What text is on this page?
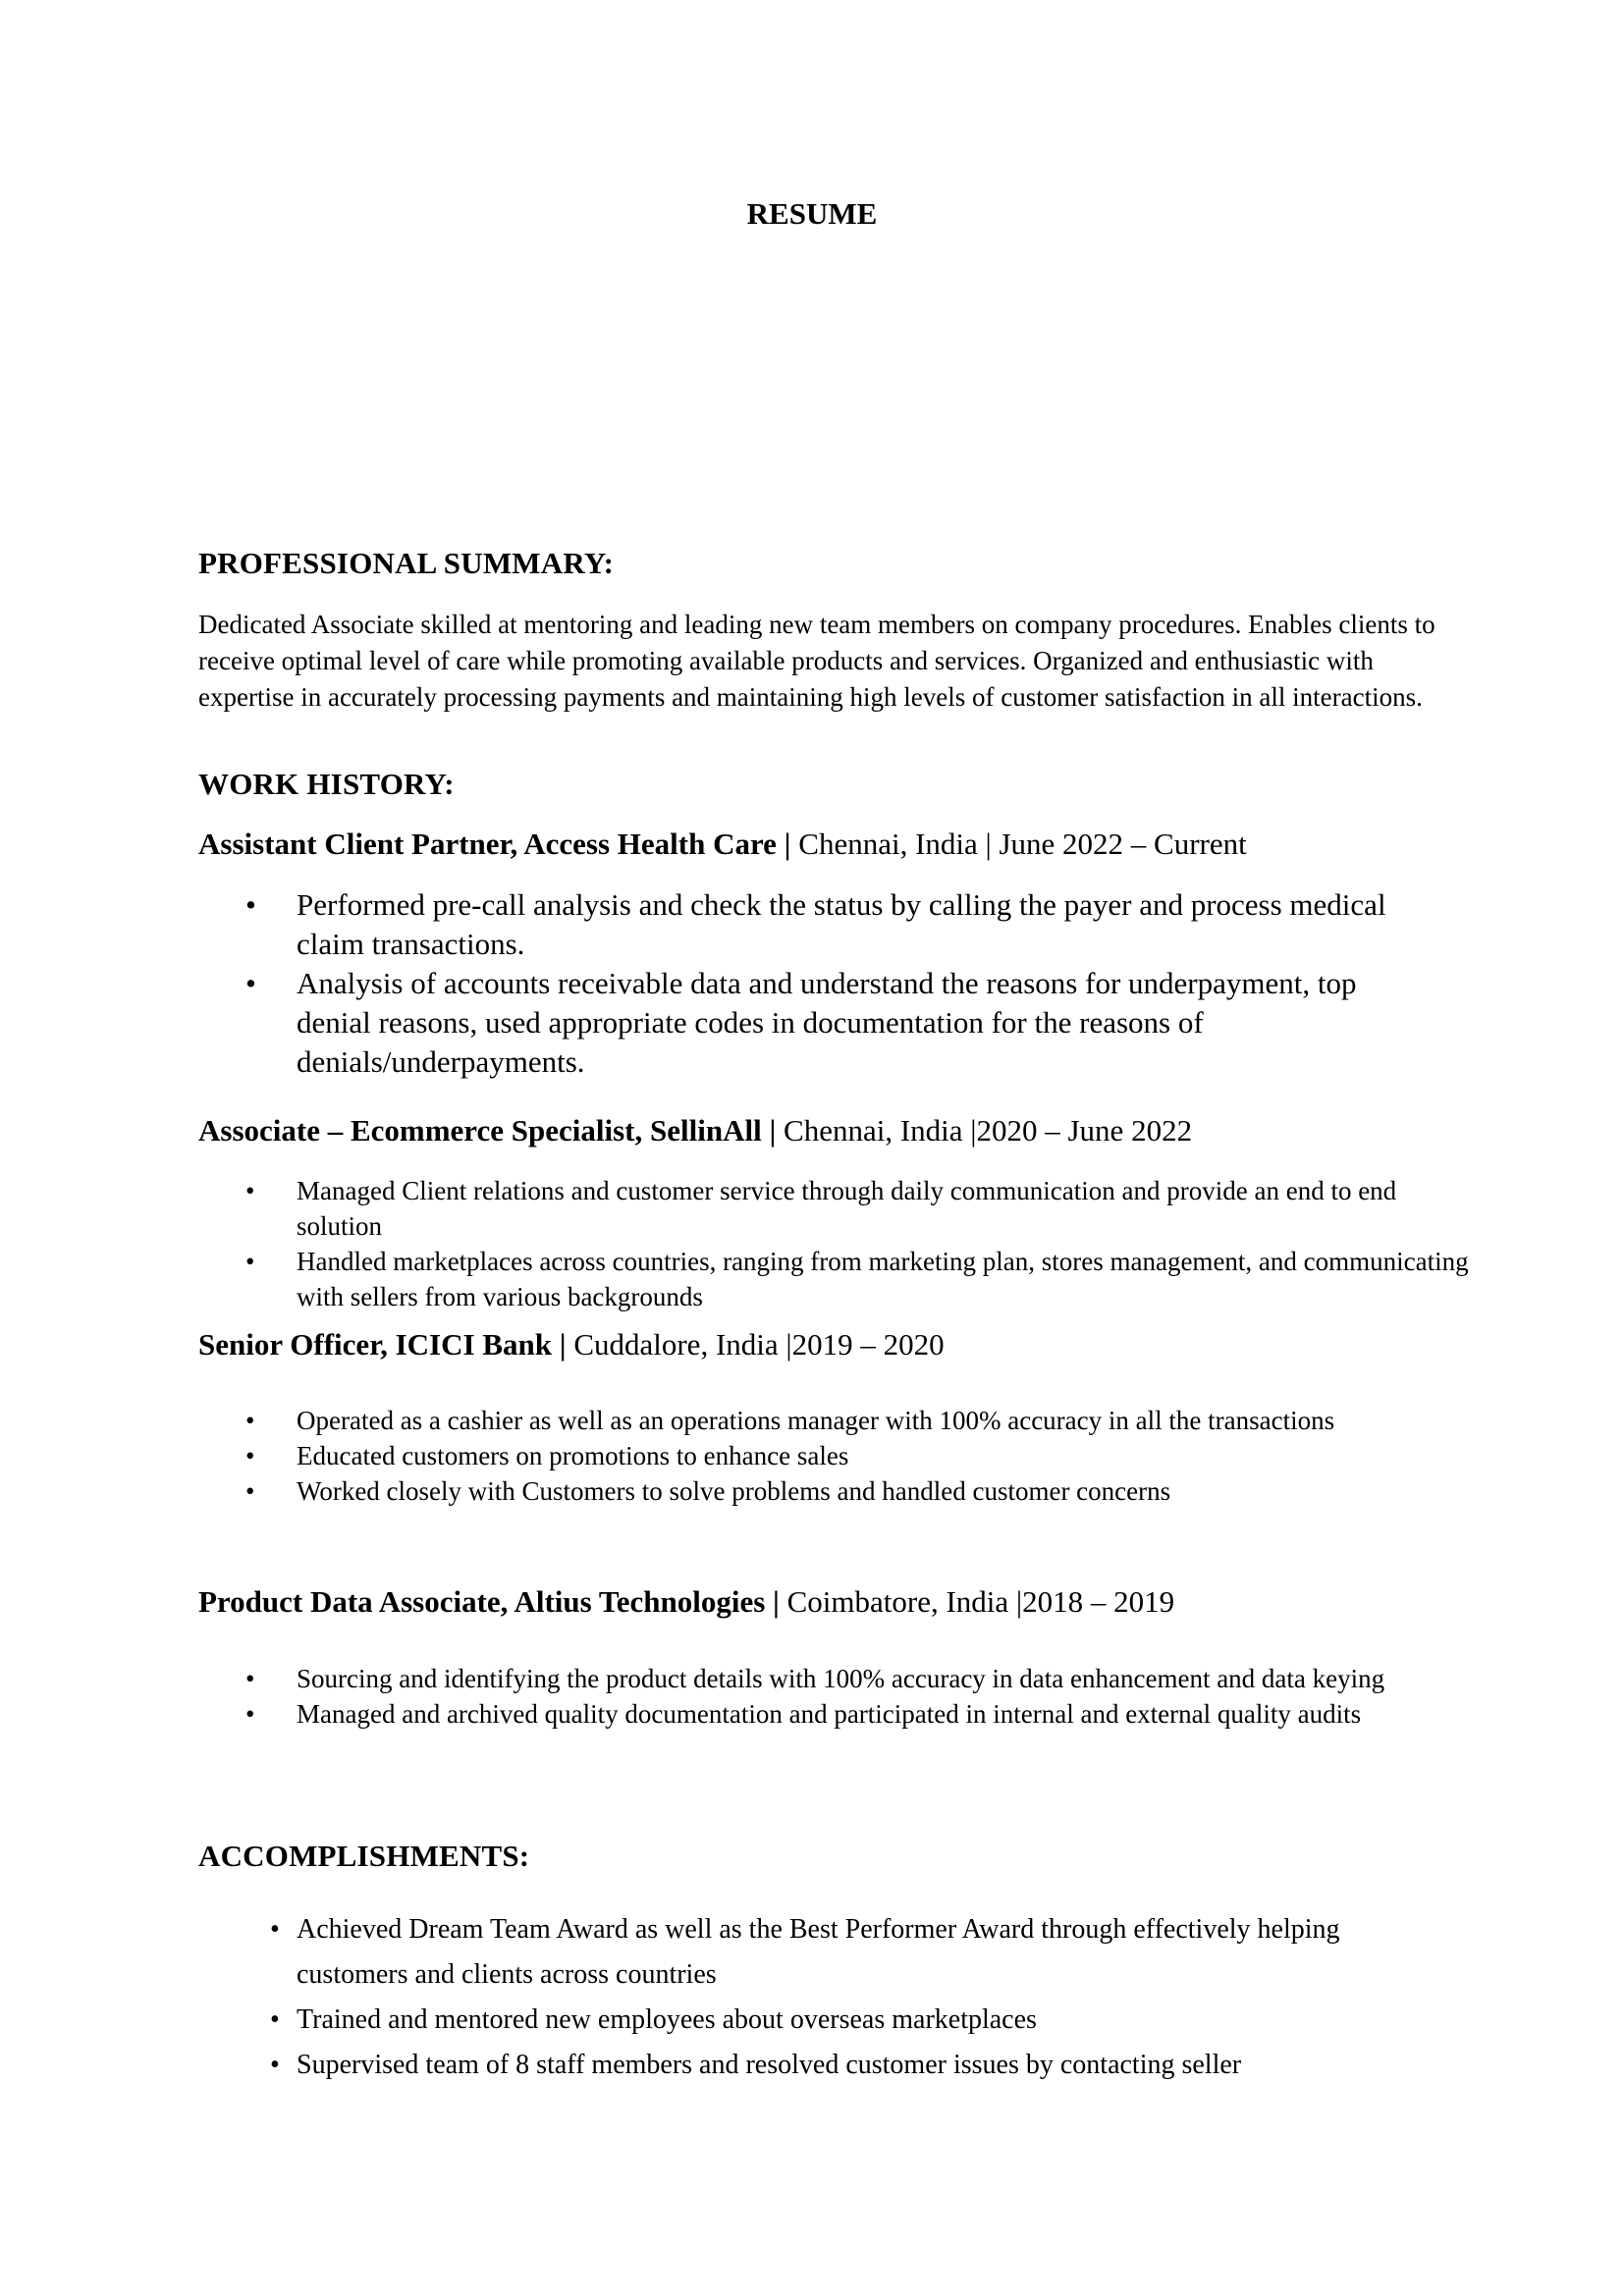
RESUME
PROFESSIONAL SUMMARY:

Dedicated Associate skilled at mentoring and leading new team members on company procedures. Enables clients to receive optimal level of care while promoting available products and services. Organized and enthusiastic with expertise in accurately processing payments and maintaining high levels of customer satisfaction in all interactions.

WORK HISTORY:
Assistant Client Partner, Access Health Care | Chennai, India | June 2022 – Current
• Performed pre-call analysis and check the status by calling the payer and process medical claim transactions.
• Analysis of accounts receivable data and understand the reasons for underpayment, top denial reasons, used appropriate codes in documentation for the reasons of denials/underpayments.
Associate – Ecommerce Specialist, SellinAll | Chennai, India |2020 – June 2022
• Managed Client relations and customer service through daily communication and provide an end to end solution
• Handled marketplaces across countries, ranging from marketing plan, stores management, and communicating with sellers from various backgrounds
Senior Officer, ICICI Bank | Cuddalore, India |2019 – 2020
• Operated as a cashier as well as an operations manager with 100% accuracy in all the transactions
• Educated customers on promotions to enhance sales
• Worked closely with Customers to solve problems and handled customer concerns
Product Data Associate, Altius Technologies | Coimbatore, India |2018 – 2019
• Sourcing and identifying the product details with 100% accuracy in data enhancement and data keying
• Managed and archived quality documentation and participated in internal and external quality audits
ACCOMPLISHMENTS:
• Achieved Dream Team Award as well as the Best Performer Award through effectively helping customers and clients across countries
• Trained and mentored new employees about overseas marketplaces
• Supervised team of 8 staff members and resolved customer issues by contacting seller
